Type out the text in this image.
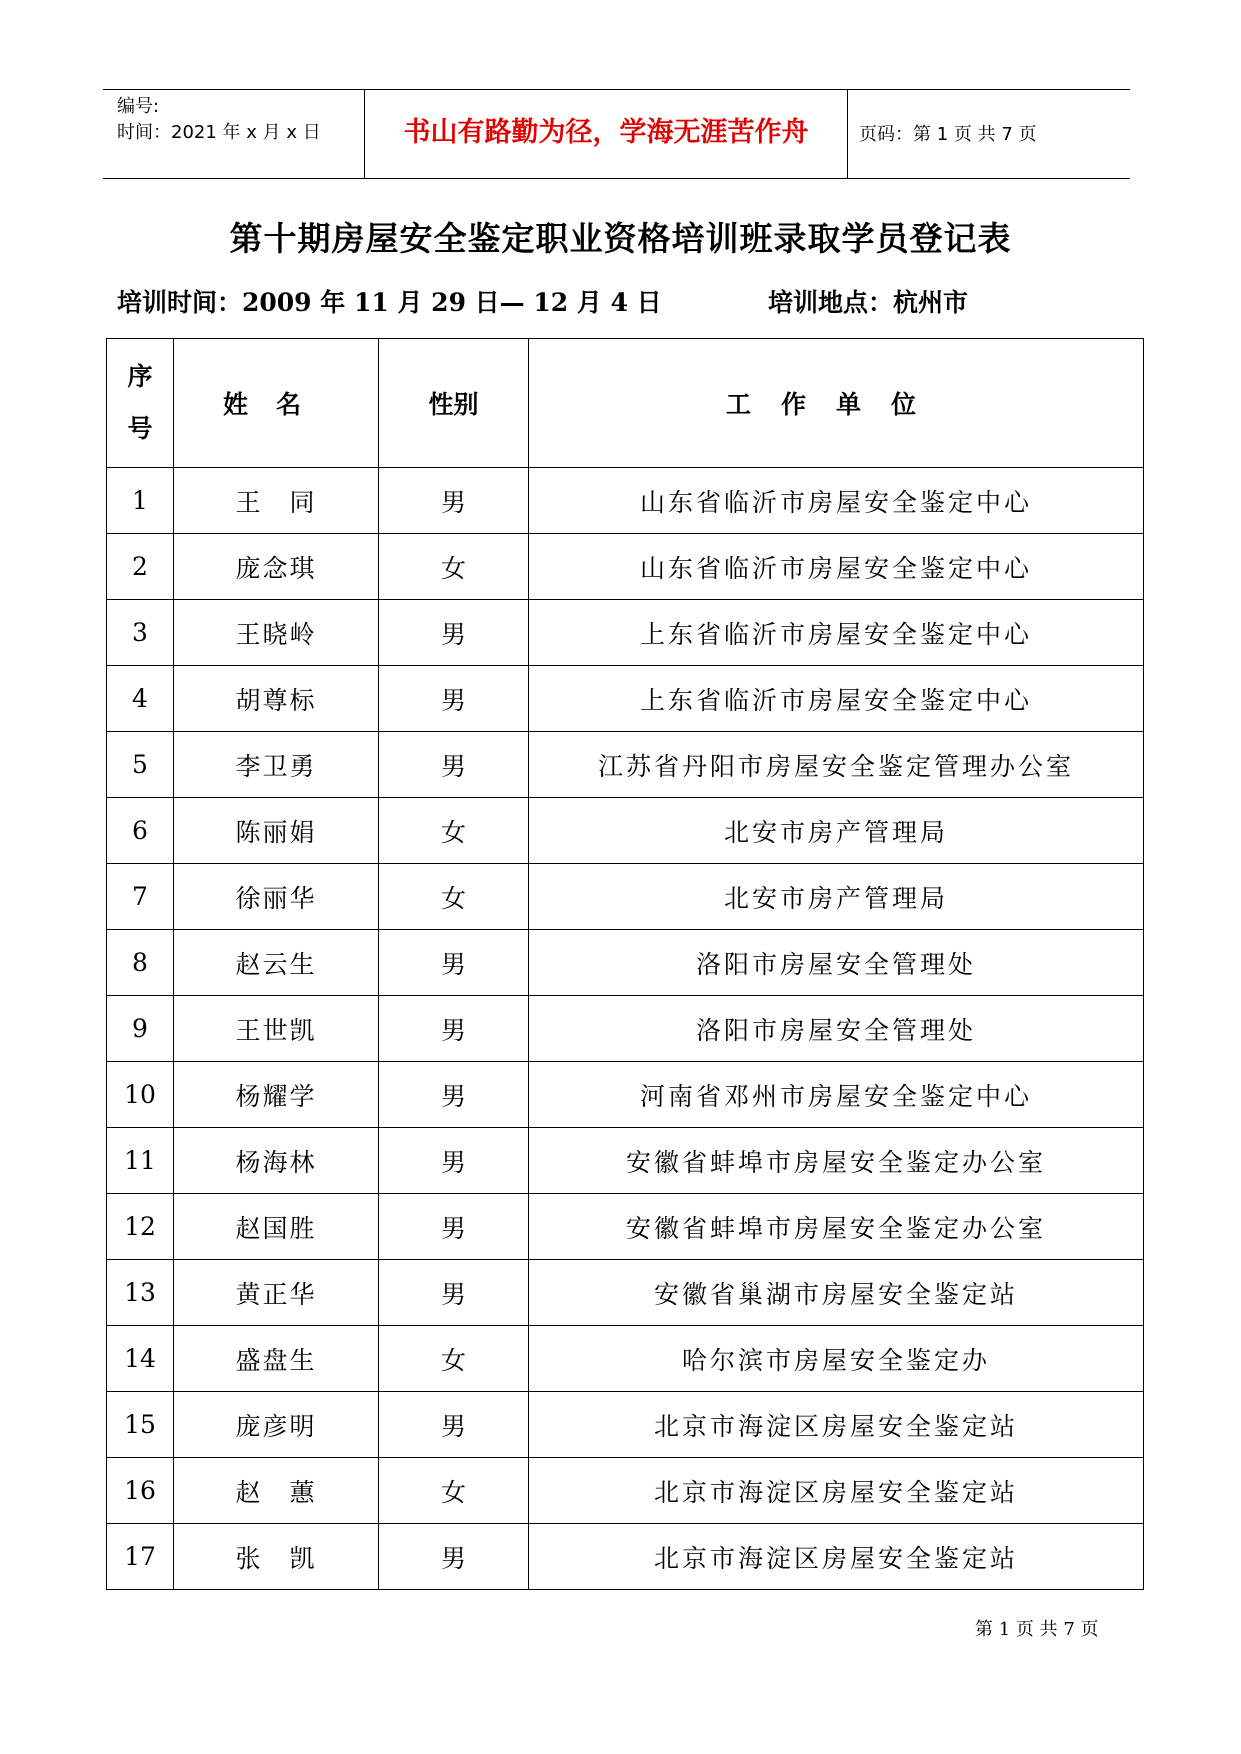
编号:
时间：2021 年 x 月 x 日	书山有路勤为径，学海无涯苦作舟	页码：第 1 页 共 7 页
第十期房屋安全鉴定职业资格培训班录取学员登记表
培训时间：2009 年 11 月 29 日— 12 月 4 日	培训地点：杭州市
序
号	姓名	性别	工作单位
1	王　同	男	山东省临沂市房屋安全鉴定中心
2	庞念琪	女	山东省临沂市房屋安全鉴定中心
3	王晓岭	男	上东省临沂市房屋安全鉴定中心
4	胡尊标	男	上东省临沂市房屋安全鉴定中心
5	李卫勇	男	江苏省丹阳市房屋安全鉴定管理办公室
6	陈丽娟	女	北安市房产管理局
7	徐丽华	女	北安市房产管理局
8	赵云生	男	洛阳市房屋安全管理处
9	王世凯	男	洛阳市房屋安全管理处
10	杨耀学	男	河南省邓州市房屋安全鉴定中心
11	杨海林	男	安徽省蚌埠市房屋安全鉴定办公室
12	赵国胜	男	安徽省蚌埠市房屋安全鉴定办公室
13	黄正华	男	安徽省巢湖市房屋安全鉴定站
14	盛盘生	女	哈尔滨市房屋安全鉴定办
15	庞彦明	男	北京市海淀区房屋安全鉴定站
16	赵　蕙	女	北京市海淀区房屋安全鉴定站
17	张　凯	男	北京市海淀区房屋安全鉴定站
第 1 页 共 7 页
